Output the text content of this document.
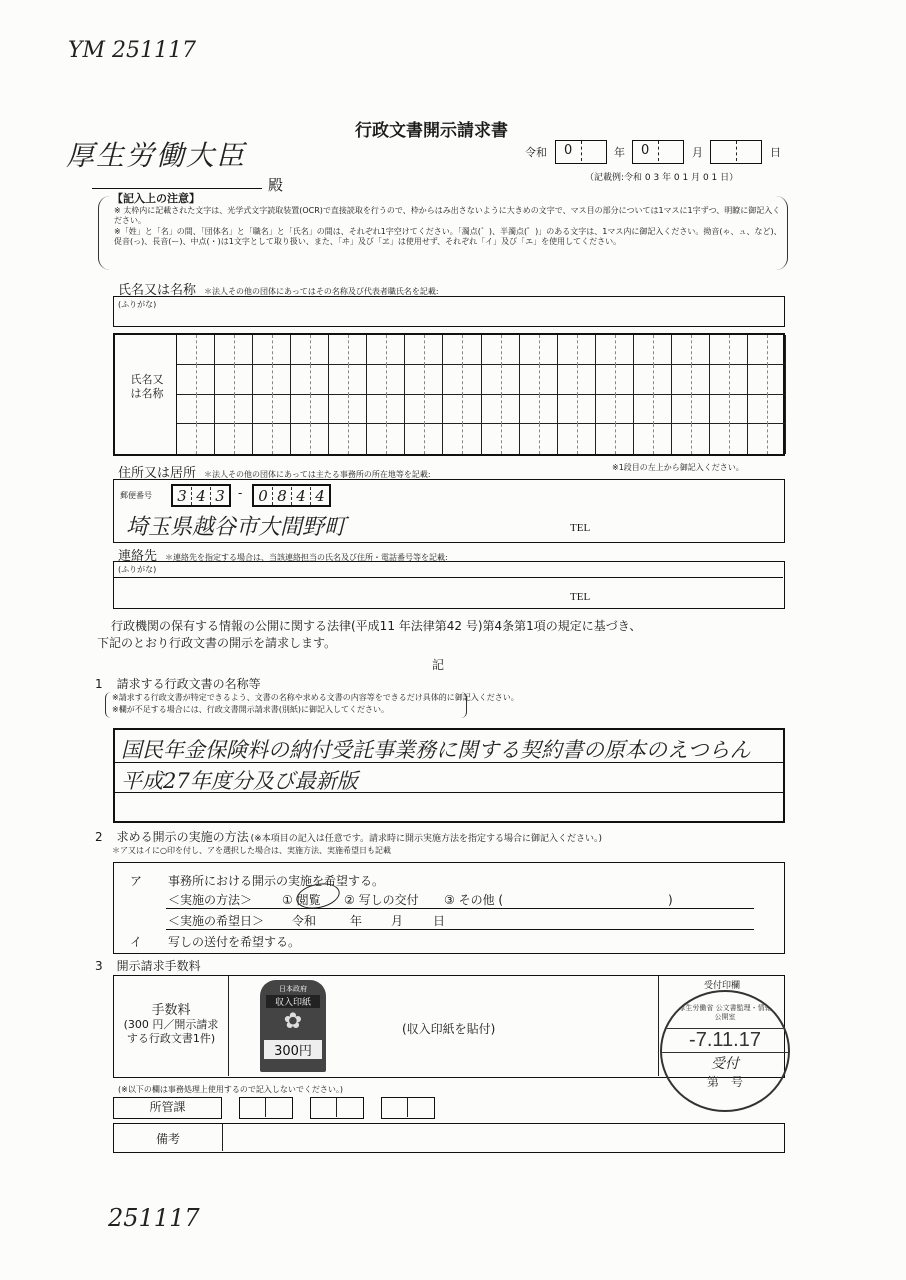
YM 251117
行政文書開示請求書
厚生労働大臣
殿
令和 0	年 0	月	日
（記載例:令和 0 3 年 0 1 月 0 1 日）
【記入上の注意】
※ 太枠内に記載された文字は、光学式文字読取装置(OCR)で直接読取を行うので、枠からはみ出さないように大きめの文字で、マス目の部分については1マスに1字ずつ、明瞭に御記入ください。
※「姓」と「名」の間、「団体名」と「職名」と「氏名」の間は、それぞれ1字空けてください。「濁点(゛)、半濁点(゜)」のある文字は、1マス内に御記入ください。拗音(ゃ、ュ、など)、促音(っ)、長音(ー)、中点(・)は1文字として取り扱い、また、「ヰ」及び「ヱ」は使用せず、それぞれ「イ」及び「エ」を使用してください。
氏名又は名称 ＊法人その他の団体にあってはその名称及び代表者職氏名を記載:
(ふりがな)
氏名又は名称
住所又は居所 ＊法人その他の団体にあっては主たる事務所の所在地等を記載:
※1段目の左上から御記入ください。
郵便番号	3 4 3	-	0 8 4 4
埼玉県越谷市大間野町	TEL
連絡先 ＊連絡先を指定する場合は、当該連絡担当の氏名及び住所・電話番号等を記載:
(ふりがな)
TEL
行政機関の保有する情報の公開に関する法律(平成11 年法律第42 号)第4条第1項の規定に基づき、
下記のとおり行政文書の開示を請求します。
記
1 請求する行政文書の名称等
※請求する行政文書が特定できるよう、文書の名称や求める文書の内容等をできるだけ具体的に御記入ください。
※欄が不足する場合には、行政文書開示請求書(別紙)に御記入してください。
国民年金保険料の納付受託事業務に関する契約書の原本のえつらん
平成27年度分及び最新版
2 求める開示の実施の方法 (※本項目の記入は任意です。請求時に開示実施方法を指定する場合に御記入ください。)
＊ア又はイに○印を付し、アを選択した場合は、実施方法、実施希望日も記載
ア 事務所における開示の実施を希望する。
＜実施の方法＞	① 閲覧	② 写しの交付	③ その他 (	)
＜実施の希望日＞	令和	年	月	日
イ 写しの送付を希望する。
3 開示請求手数料
手数料
(300 円／開示請求
する行政文書1件)
日本政府
収入印紙
✿
300円
(収入印紙を貼付)
受付印欄
厚生労働省 公文書監理・情報公開室
-7.11.17
受付
第　号
(※以下の欄は事務処理上使用するので記入しないでください。)
所管課
備考
251117
